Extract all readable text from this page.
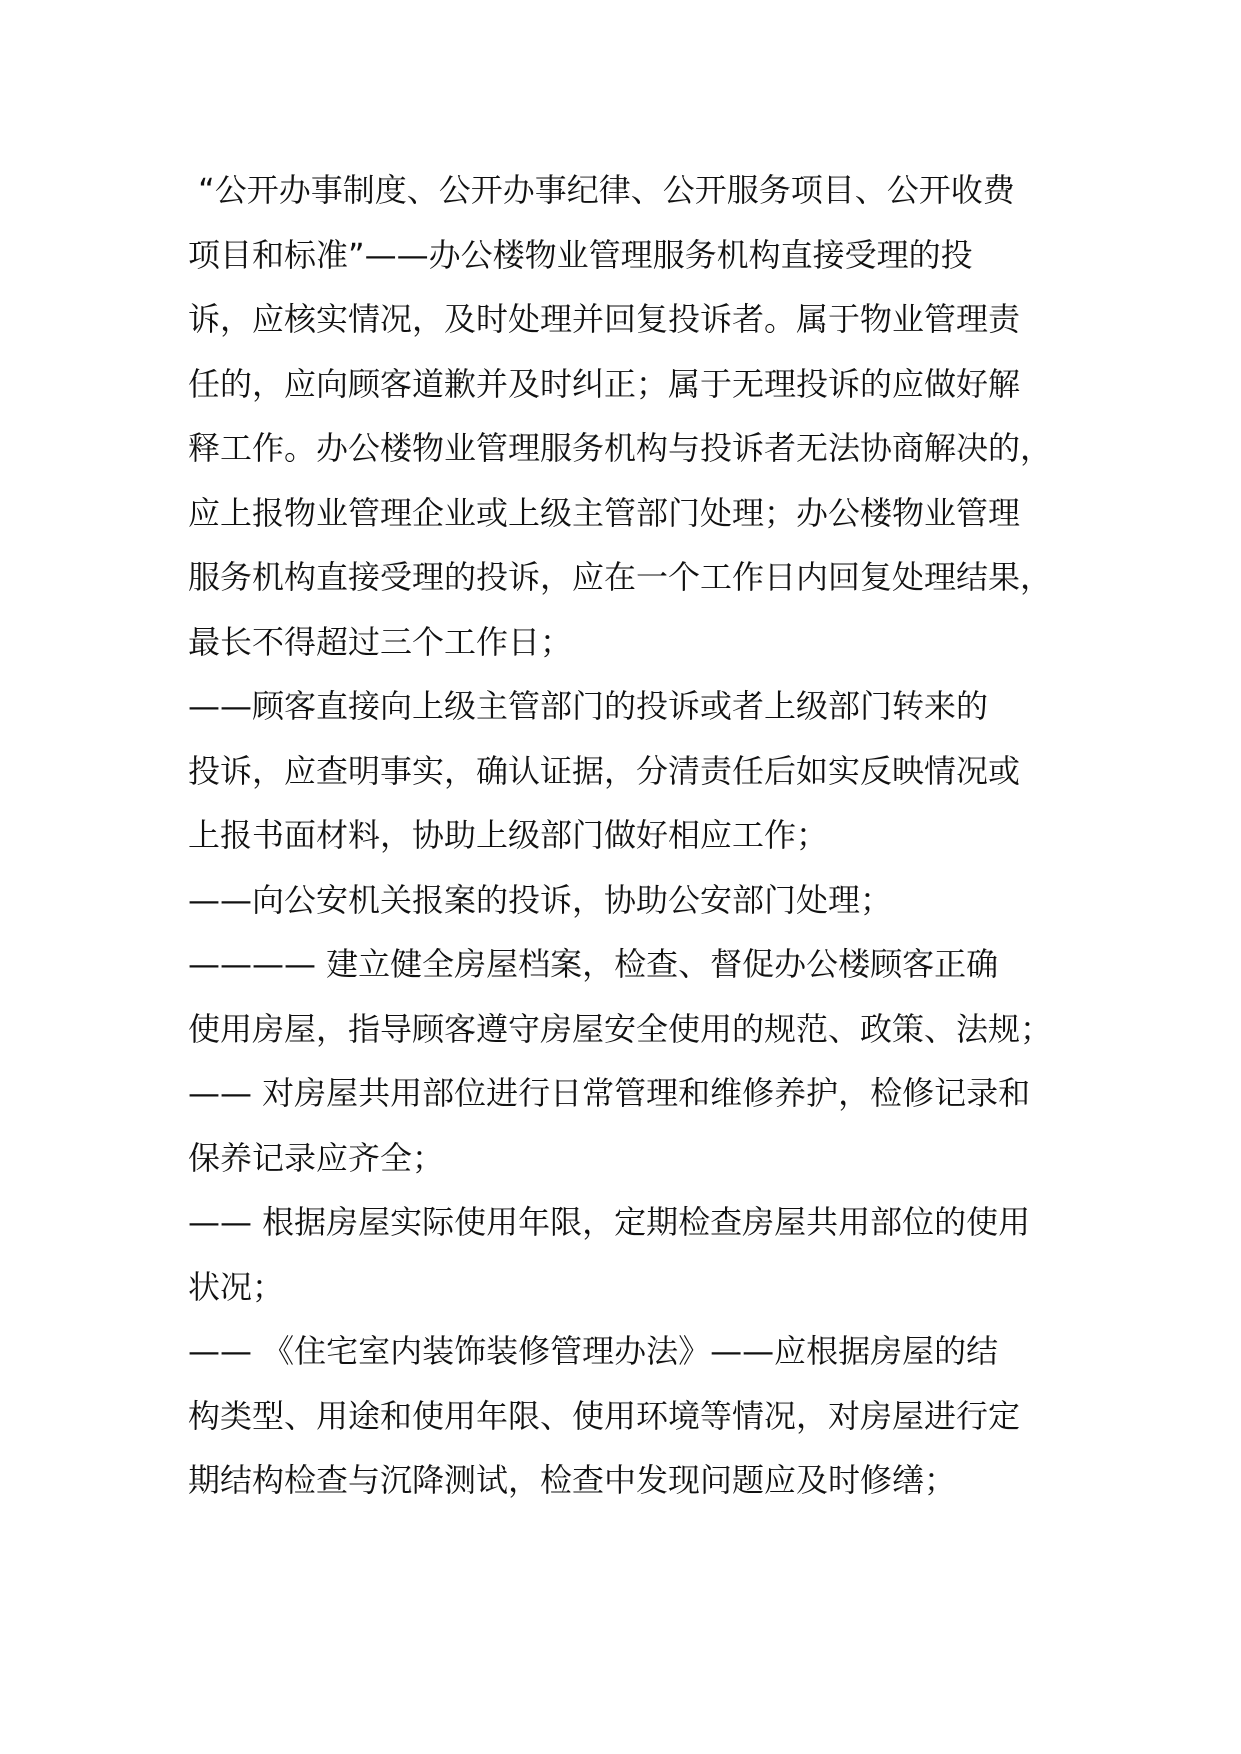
“公开办事制度、公开办事纪律、公开服务项目、公开收费
项目和标准”——办公楼物业管理服务机构直接受理的投
诉，应核实情况，及时处理并回复投诉者。属于物业管理责
任的，应向顾客道歉并及时纠正；属于无理投诉的应做好解
释工作。办公楼物业管理服务机构与投诉者无法协商解决的，
应上报物业管理企业或上级主管部门处理；办公楼物业管理
服务机构直接受理的投诉，应在一个工作日内回复处理结果，
最长不得超过三个工作日；
——顾客直接向上级主管部门的投诉或者上级部门转来的
投诉，应查明事实，确认证据，分清责任后如实反映情况或
上报书面材料，协助上级部门做好相应工作；
——向公安机关报案的投诉，协助公安部门处理；
———— 建立健全房屋档案，检查、督促办公楼顾客正确
使用房屋，指导顾客遵守房屋安全使用的规范、政策、法规；
—— 对房屋共用部位进行日常管理和维修养护，检修记录和
保养记录应齐全；
—— 根据房屋实际使用年限，定期检查房屋共用部位的使用
状况；
—— 《住宅室内装饰装修管理办法》——应根据房屋的结
构类型、用途和使用年限、使用环境等情况，对房屋进行定
期结构检查与沉降测试，检查中发现问题应及时修缮；
